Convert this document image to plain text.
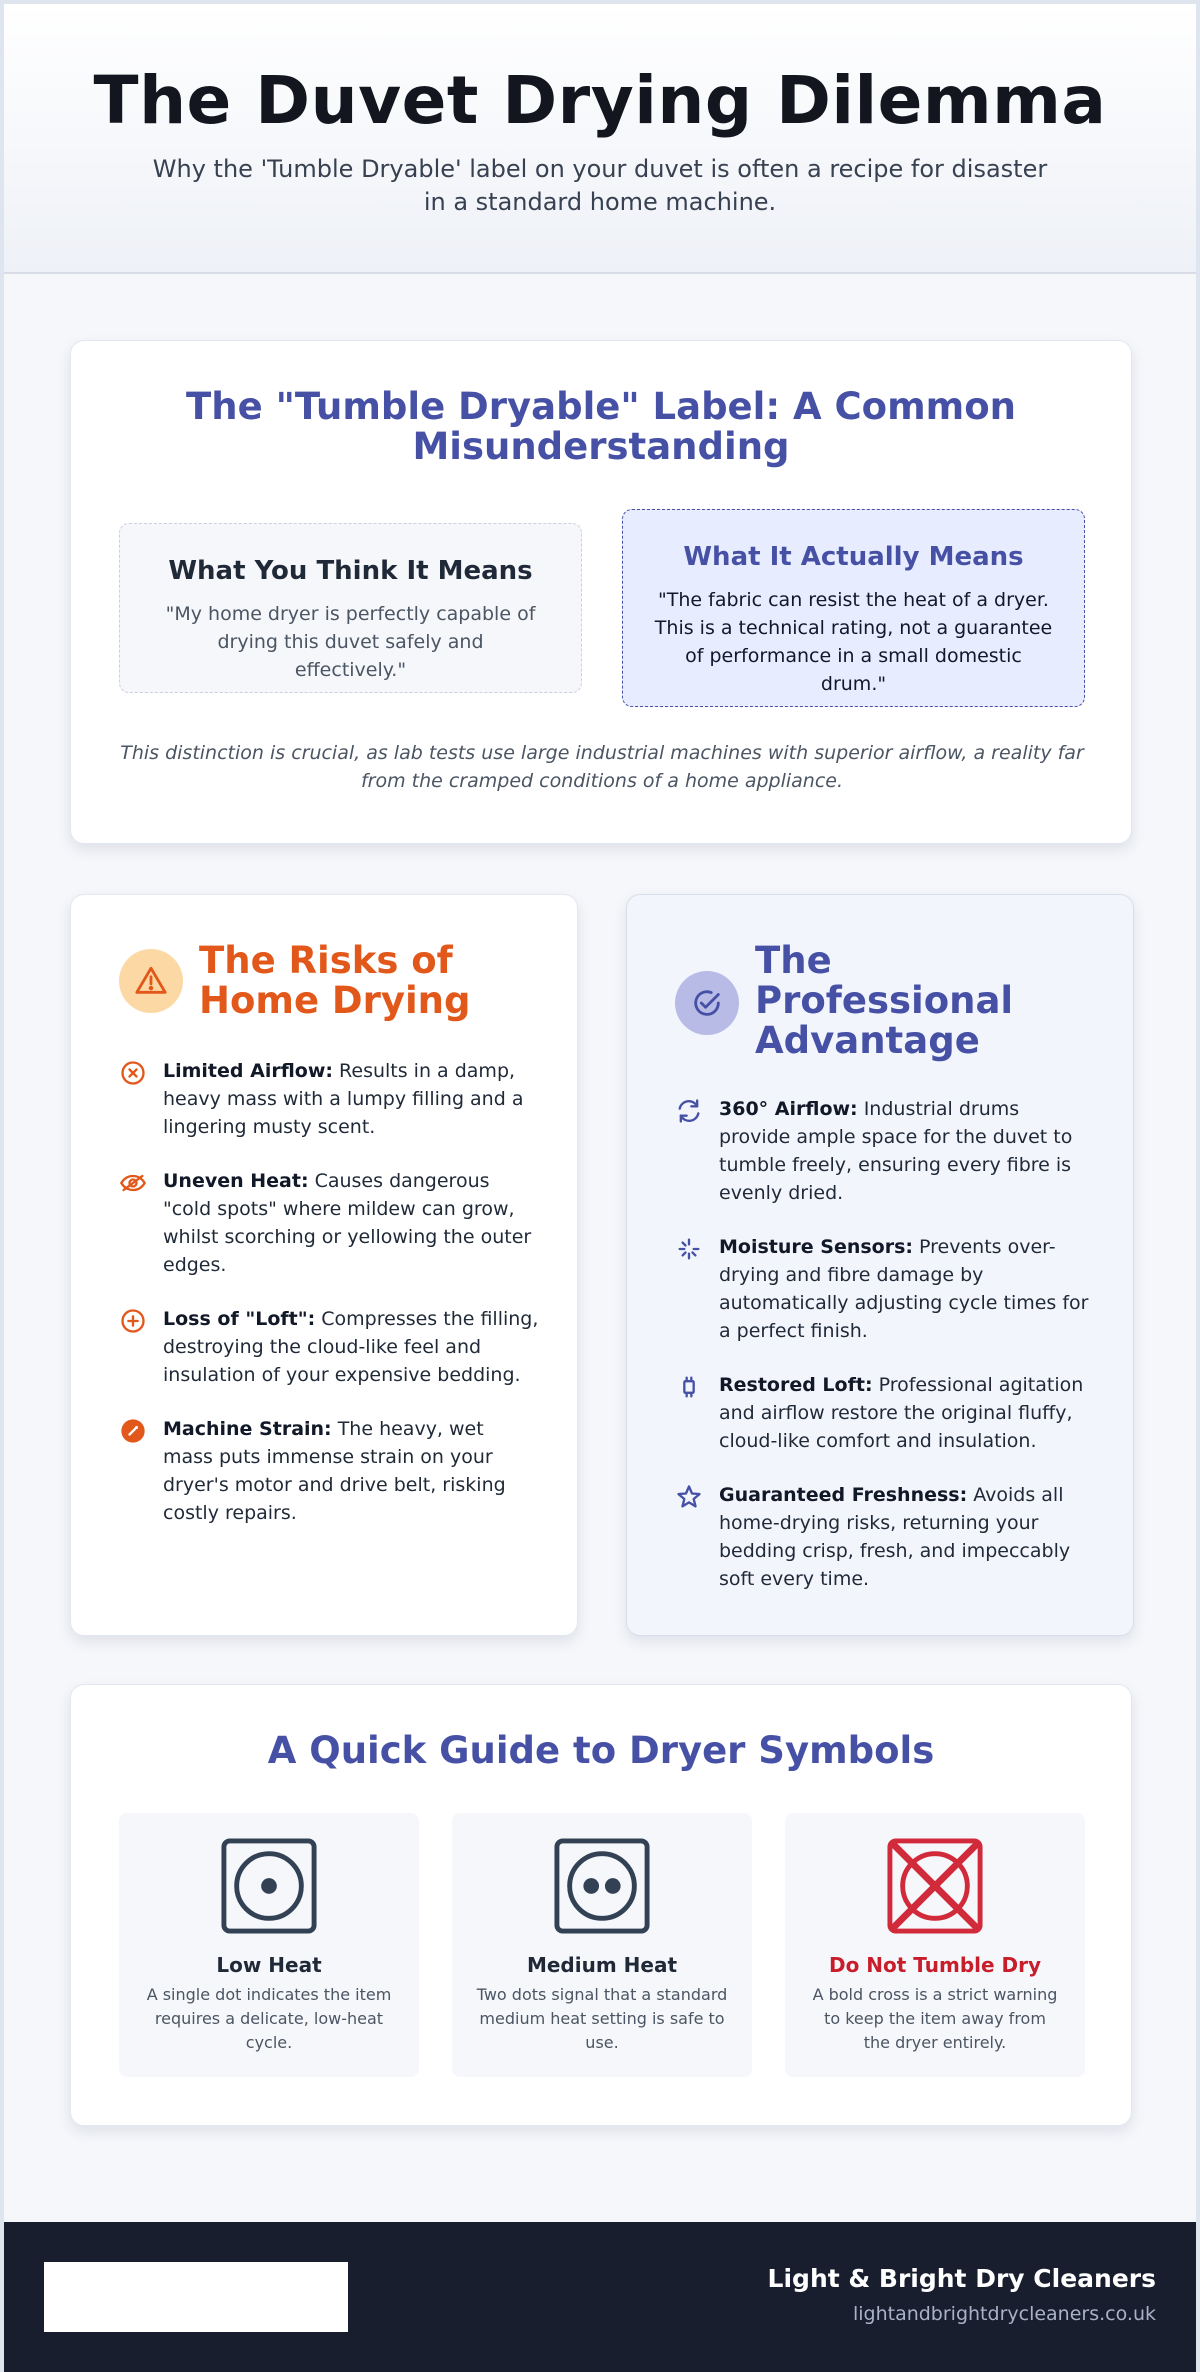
The Duvet Drying Dilemma

Why the 'Tumble Dryable' label on your duvet is often a recipe for disaster in a standard home machine.

The "Tumble Dryable" Label: A Common Misunderstanding
What You Think It Means

"My home dryer is perfectly capable of drying this duvet safely and effectively."

What It Actually Means

"The fabric can resist the heat of a dryer. This is a technical rating, not a guarantee of performance in a small domestic drum."

This distinction is crucial, as lab tests use large industrial machines with superior airflow, a reality far from the cramped conditions of a home appliance.

The Risks of Home Drying

Limited Airflow: Results in a damp, heavy mass with a lumpy filling and a lingering musty scent.

Uneven Heat: Causes dangerous "cold spots" where mildew can grow, whilst scorching or yellowing the outer edges.

Loss of "Loft": Compresses the filling, destroying the cloud-like feel and insulation of your expensive bedding.

Machine Strain: The heavy, wet mass puts immense strain on your dryer's motor and drive belt, risking costly repairs.

The Professional Advantage

360° Airflow: Industrial drums provide ample space for the duvet to tumble freely, ensuring every fibre is evenly dried.

Moisture Sensors: Prevents over-drying and fibre damage by automatically adjusting cycle times for a perfect finish.

Restored Loft: Professional agitation and airflow restore the original fluffy, cloud-like comfort and insulation.

Guaranteed Freshness: Avoids all home-drying risks, returning your bedding crisp, fresh, and impeccably soft every time.

A Quick Guide to Dryer Symbols
Low Heat

A single dot indicates the item requires a delicate, low-heat cycle.

Medium Heat

Two dots signal that a standard medium heat setting is safe to use.

Do Not Tumble Dry

A bold cross is a strict warning to keep the item away from the dryer entirely.

Light & Bright Dry Cleaners
lightandbrightdrycleaners.co.uk
